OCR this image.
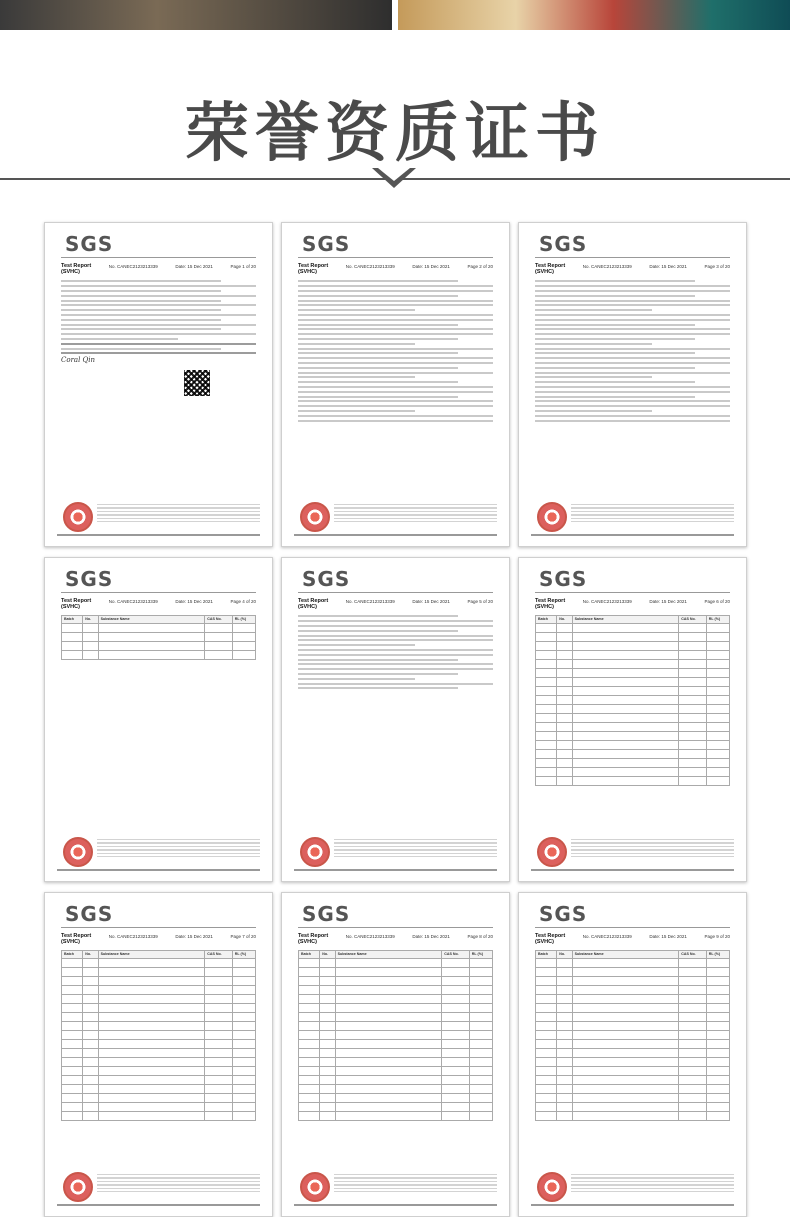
荣誉资质证书
SGS
Test Report	No. CANEC2123213339	Date: 15 Dec 2021	Page 1 of 20
(SVHC)
Coral Qin
SGS
Test Report	No. CANEC2123213339	Date: 15 Dec 2021	Page 2 of 20
(SVHC)
SGS
Test Report	No. CANEC2123213339	Date: 15 Dec 2021	Page 3 of 20
(SVHC)
SGS
Test Report	No. CANEC2123213339	Date: 15 Dec 2021	Page 4 of 20
(SVHC)
Batch	No.	Substance Name	CAS No.	RL (%)

SGS
Test Report	No. CANEC2123213339	Date: 15 Dec 2021	Page 5 of 20
(SVHC)
SGS
Test Report	No. CANEC2123213339	Date: 15 Dec 2021	Page 6 of 20
(SVHC)
Batch	No.	Substance Name	CAS No.	RL (%)

SGS
Test Report	No. CANEC2123213339	Date: 15 Dec 2021	Page 7 of 20
(SVHC)
Batch	No.	Substance Name	CAS No.	RL (%)

SGS
Test Report	No. CANEC2123213339	Date: 15 Dec 2021	Page 8 of 20
(SVHC)
Batch	No.	Substance Name	CAS No.	RL (%)

SGS
Test Report	No. CANEC2123213339	Date: 15 Dec 2021	Page 9 of 20
(SVHC)
Batch	No.	Substance Name	CAS No.	RL (%)
